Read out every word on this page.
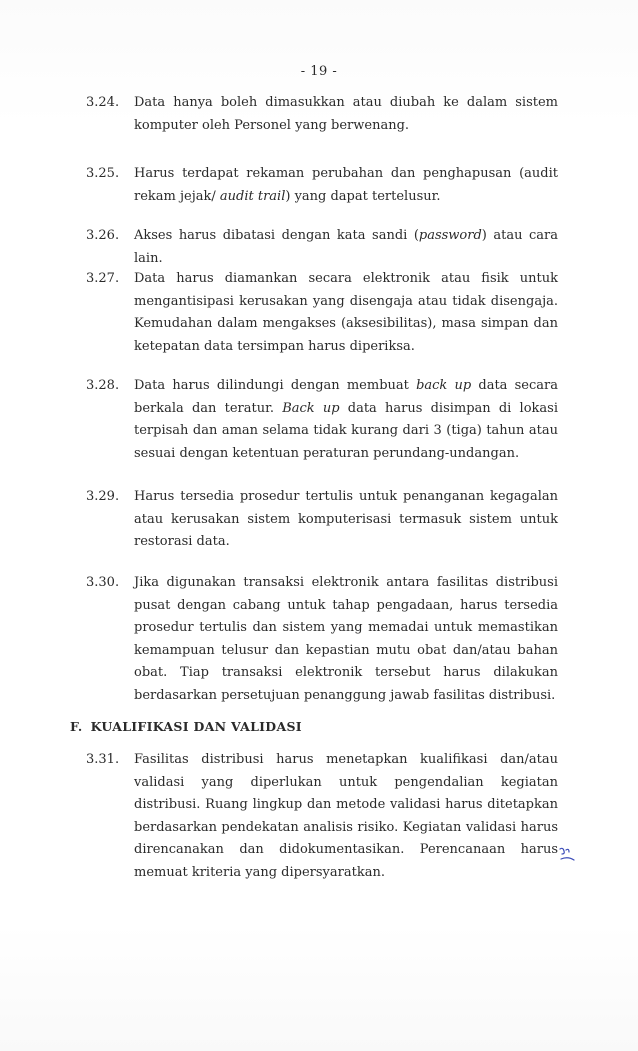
- 19 -
3.24. Data hanya boleh dimasukkan atau diubah ke dalam sistem komputer oleh Personel yang berwenang.
3.25. Harus terdapat rekaman perubahan dan penghapusan (audit rekam jejak/ audit trail) yang dapat tertelusur.
3.26. Akses harus dibatasi dengan kata sandi (password) atau cara lain.
3.27. Data harus diamankan secara elektronik atau fisik untuk mengantisipasi kerusakan yang disengaja atau tidak disengaja. Kemudahan dalam mengakses (aksesibilitas), masa simpan dan ketepatan data tersimpan harus diperiksa.
3.28. Data harus dilindungi dengan membuat back up data secara berkala dan teratur. Back up data harus disimpan di lokasi terpisah dan aman selama tidak kurang dari 3 (tiga) tahun atau sesuai dengan ketentuan peraturan perundang-undangan.
3.29. Harus tersedia prosedur tertulis untuk penanganan kegagalan atau kerusakan sistem komputerisasi termasuk sistem untuk restorasi data.
3.30. Jika digunakan transaksi elektronik antara fasilitas distribusi pusat dengan cabang untuk tahap pengadaan, harus tersedia prosedur tertulis dan sistem yang memadai untuk memastikan kemampuan telusur dan kepastian mutu obat dan/atau bahan obat. Tiap transaksi elektronik tersebut harus dilakukan berdasarkan persetujuan penanggung jawab fasilitas distribusi.
F. KUALIFIKASI DAN VALIDASI
3.31. Fasilitas distribusi harus menetapkan kualifikasi dan/atau validasi yang diperlukan untuk pengendalian kegiatan distribusi. Ruang lingkup dan metode validasi harus ditetapkan berdasarkan pendekatan analisis risiko. Kegiatan validasi harus direncanakan dan didokumentasikan. Perencanaan harus memuat kriteria yang dipersyaratkan.
